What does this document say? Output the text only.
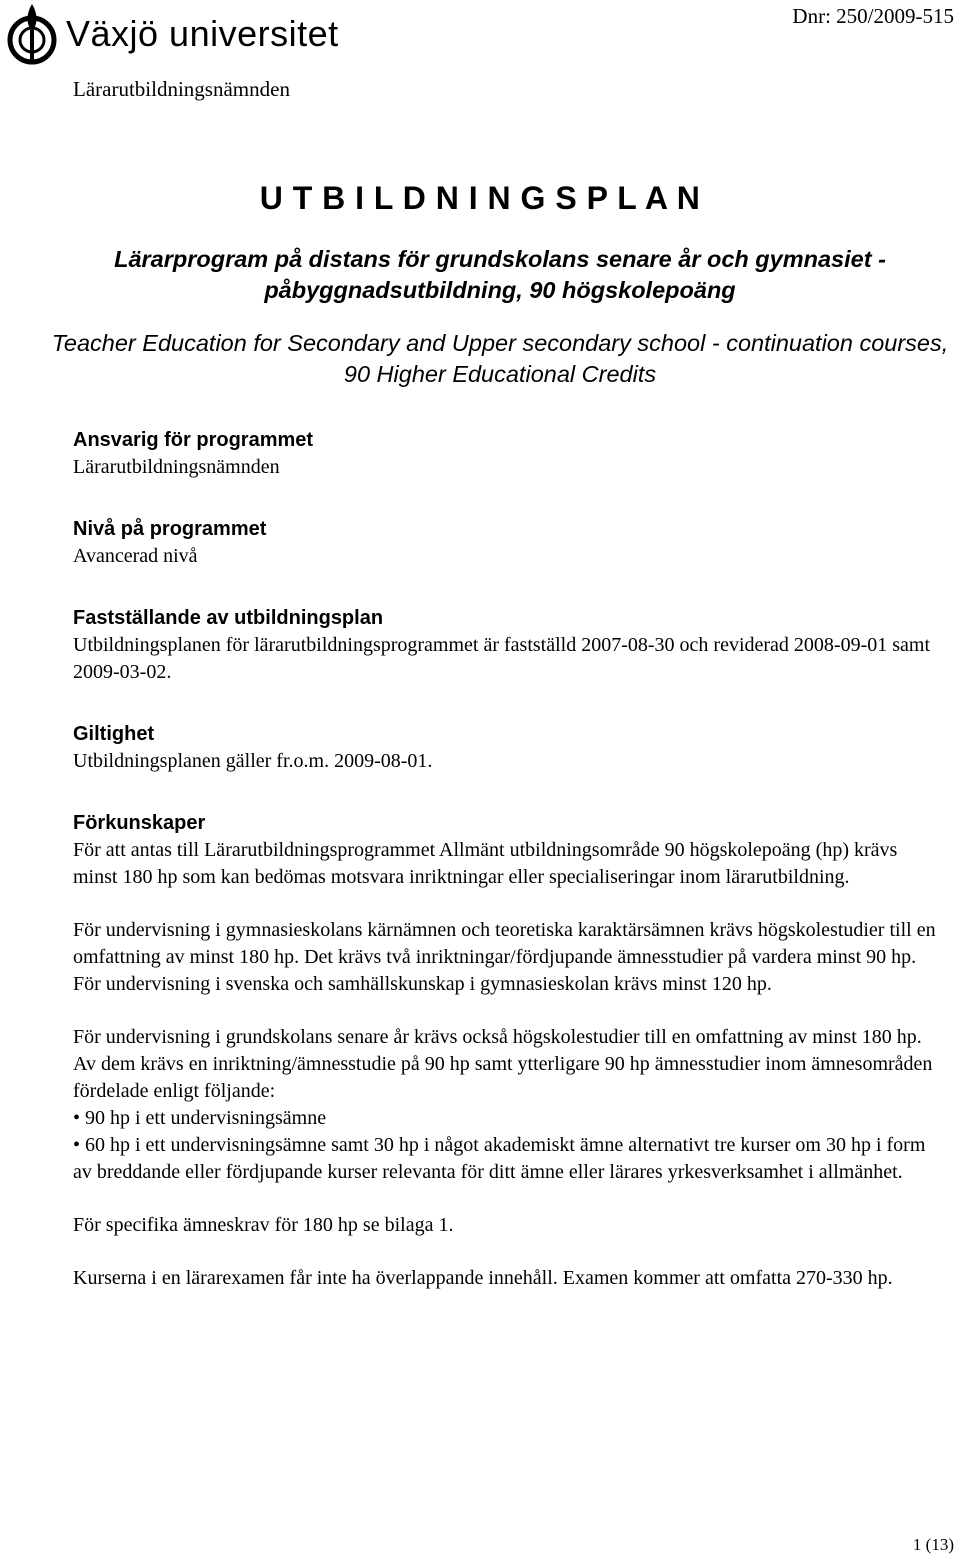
Växjö universitet	Dnr: 250/2009-515
Lärarutbildningsnämnden
U T B I L D N I N G S P L A N
Lärarprogram på distans för grundskolans senare år och gymnasiet - påbyggnadsutbildning, 90 högskolepoäng
Teacher Education for Secondary and Upper secondary school - continuation courses, 90 Higher Educational Credits
Ansvarig för programmet
Lärarutbildningsnämnden
Nivå på programmet
Avancerad nivå
Fastställande av utbildningsplan
Utbildningsplanen för lärarutbildningsprogrammet är fastställd 2007-08-30 och reviderad 2008-09-01 samt 2009-03-02.
Giltighet
Utbildningsplanen gäller fr.o.m. 2009-08-01.
Förkunskaper

För att antas till Lärarutbildningsprogrammet Allmänt utbildningsområde 90 högskolepoäng (hp) krävs minst 180 hp som kan bedömas motsvara inriktningar eller specialiseringar inom lärarutbildning.

För undervisning i gymnasieskolans kärnämnen och teoretiska karaktärsämnen krävs högskolestudier till en omfattning av minst 180 hp. Det krävs två inriktningar/fördjupande ämnesstudier på vardera minst 90 hp. För undervisning i svenska och samhällskunskap i gymnasieskolan krävs minst 120 hp.

För undervisning i grundskolans senare år krävs också högskolestudier till en omfattning av minst 180 hp. Av dem krävs en inriktning/ämnesstudie på 90 hp samt ytterligare 90 hp ämnesstudier inom ämnesområden fördelade enligt följande:

• 90 hp i ett undervisningsämne
• 60 hp i ett undervisningsämne samt 30 hp i något akademiskt ämne alternativt tre kurser om 30 hp i form av breddande eller fördjupande kurser relevanta för ditt ämne eller lärares yrkesverksamhet i allmänhet.

För specifika ämneskrav för 180 hp se bilaga 1.

Kurserna i en lärarexamen får inte ha överlappande innehåll. Examen kommer att omfatta 270-330 hp.

1 (13)
